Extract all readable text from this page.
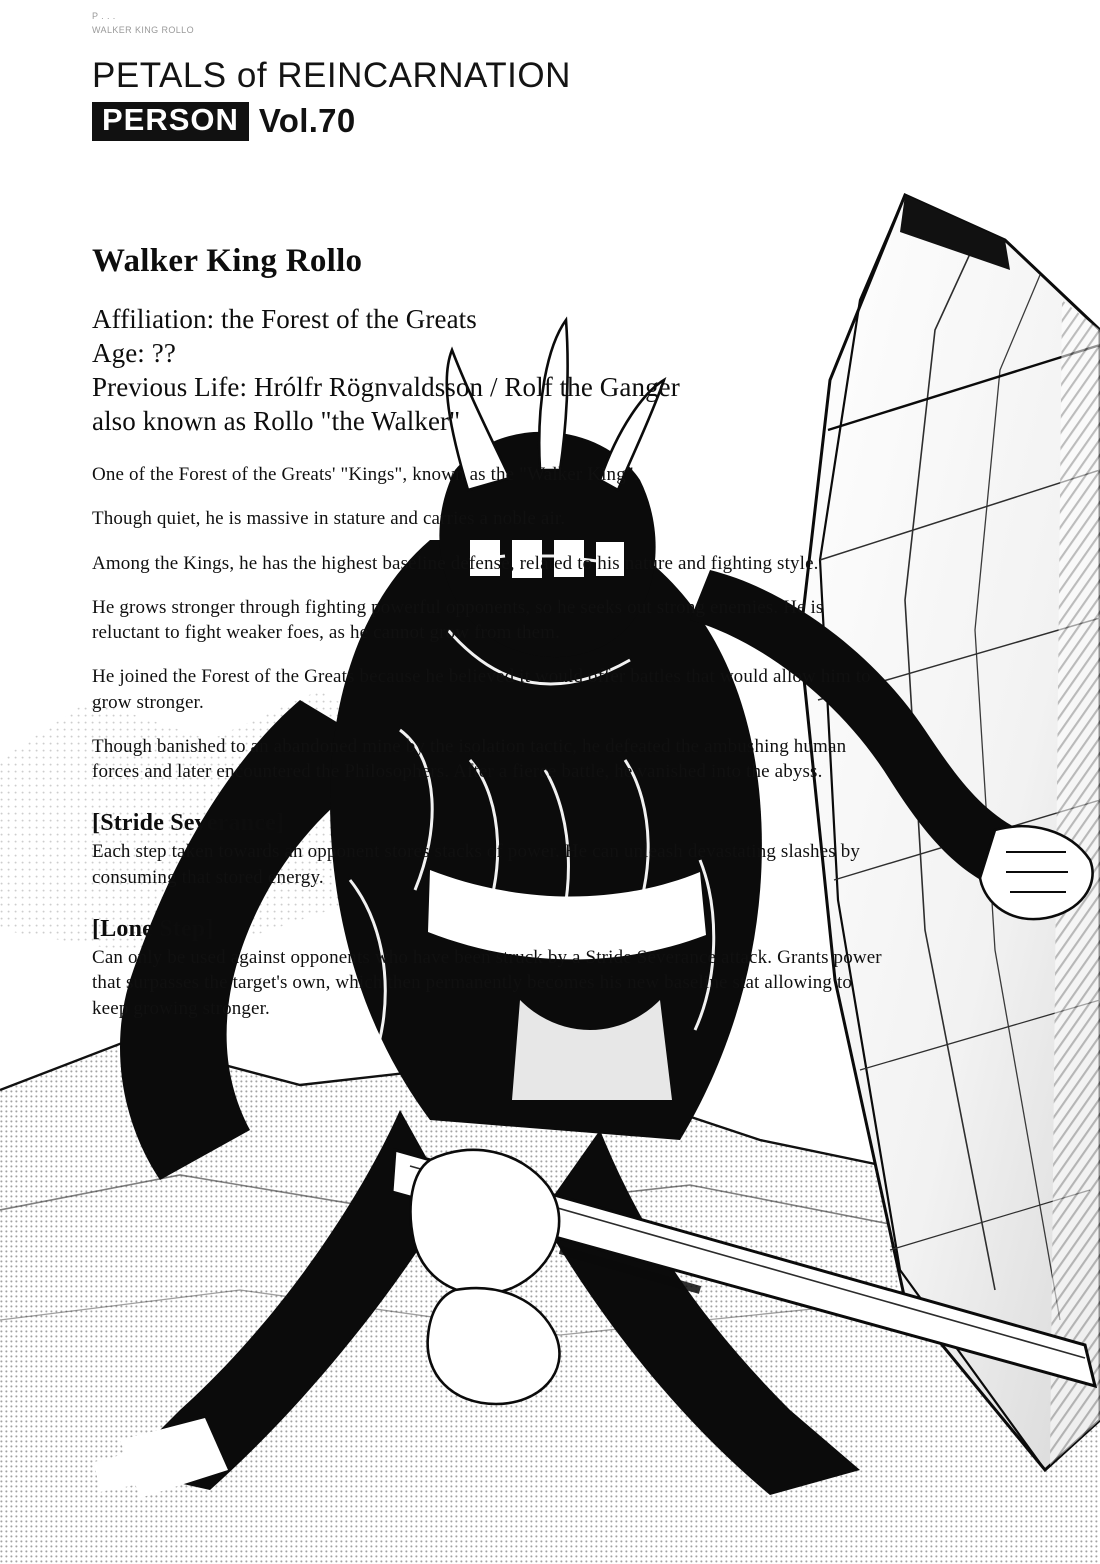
P . . .
WALKER KING ROLLO
PETALS of REINCARNATION
PERSON Vol.70
Walker King Rollo
Affiliation: the Forest of the Greats
Age: ??
Previous Life: Hrólfr Rögnvaldsson / Rolf the Ganger
also known as Rollo "the Walker"
One of the Forest of the Greats' "Kings", known as the "Walker King".
Though quiet, he is massive in stature and carries a noble air.
Among the Kings, he has the highest baseline defense, related to his nature and fighting style.
He grows stronger through fighting powerful opponents, so he seeks out strong enemies. He is reluctant to fight weaker foes, as he cannot grow from them.
He joined the Forest of the Greats because he believed it would offer battles that would allow him to grow stronger.
Though banished to an abandoned mine by the isolation tactic, he defeated the ambushing human forces and later encountered the Philosophers. After a fierce battle, he vanished into the abyss.
[Stride Severance]
Each step taken towards an opponent stores stacks of power. He can unleash devastating slashes by consuming that stored energy.
[Lone Step]
Can only be used against opponents who have been struck by a Stride Severance attack. Grants power that surpasses the target's own, which then permanently becomes his new baseline stat allowing to keep growing stronger.
